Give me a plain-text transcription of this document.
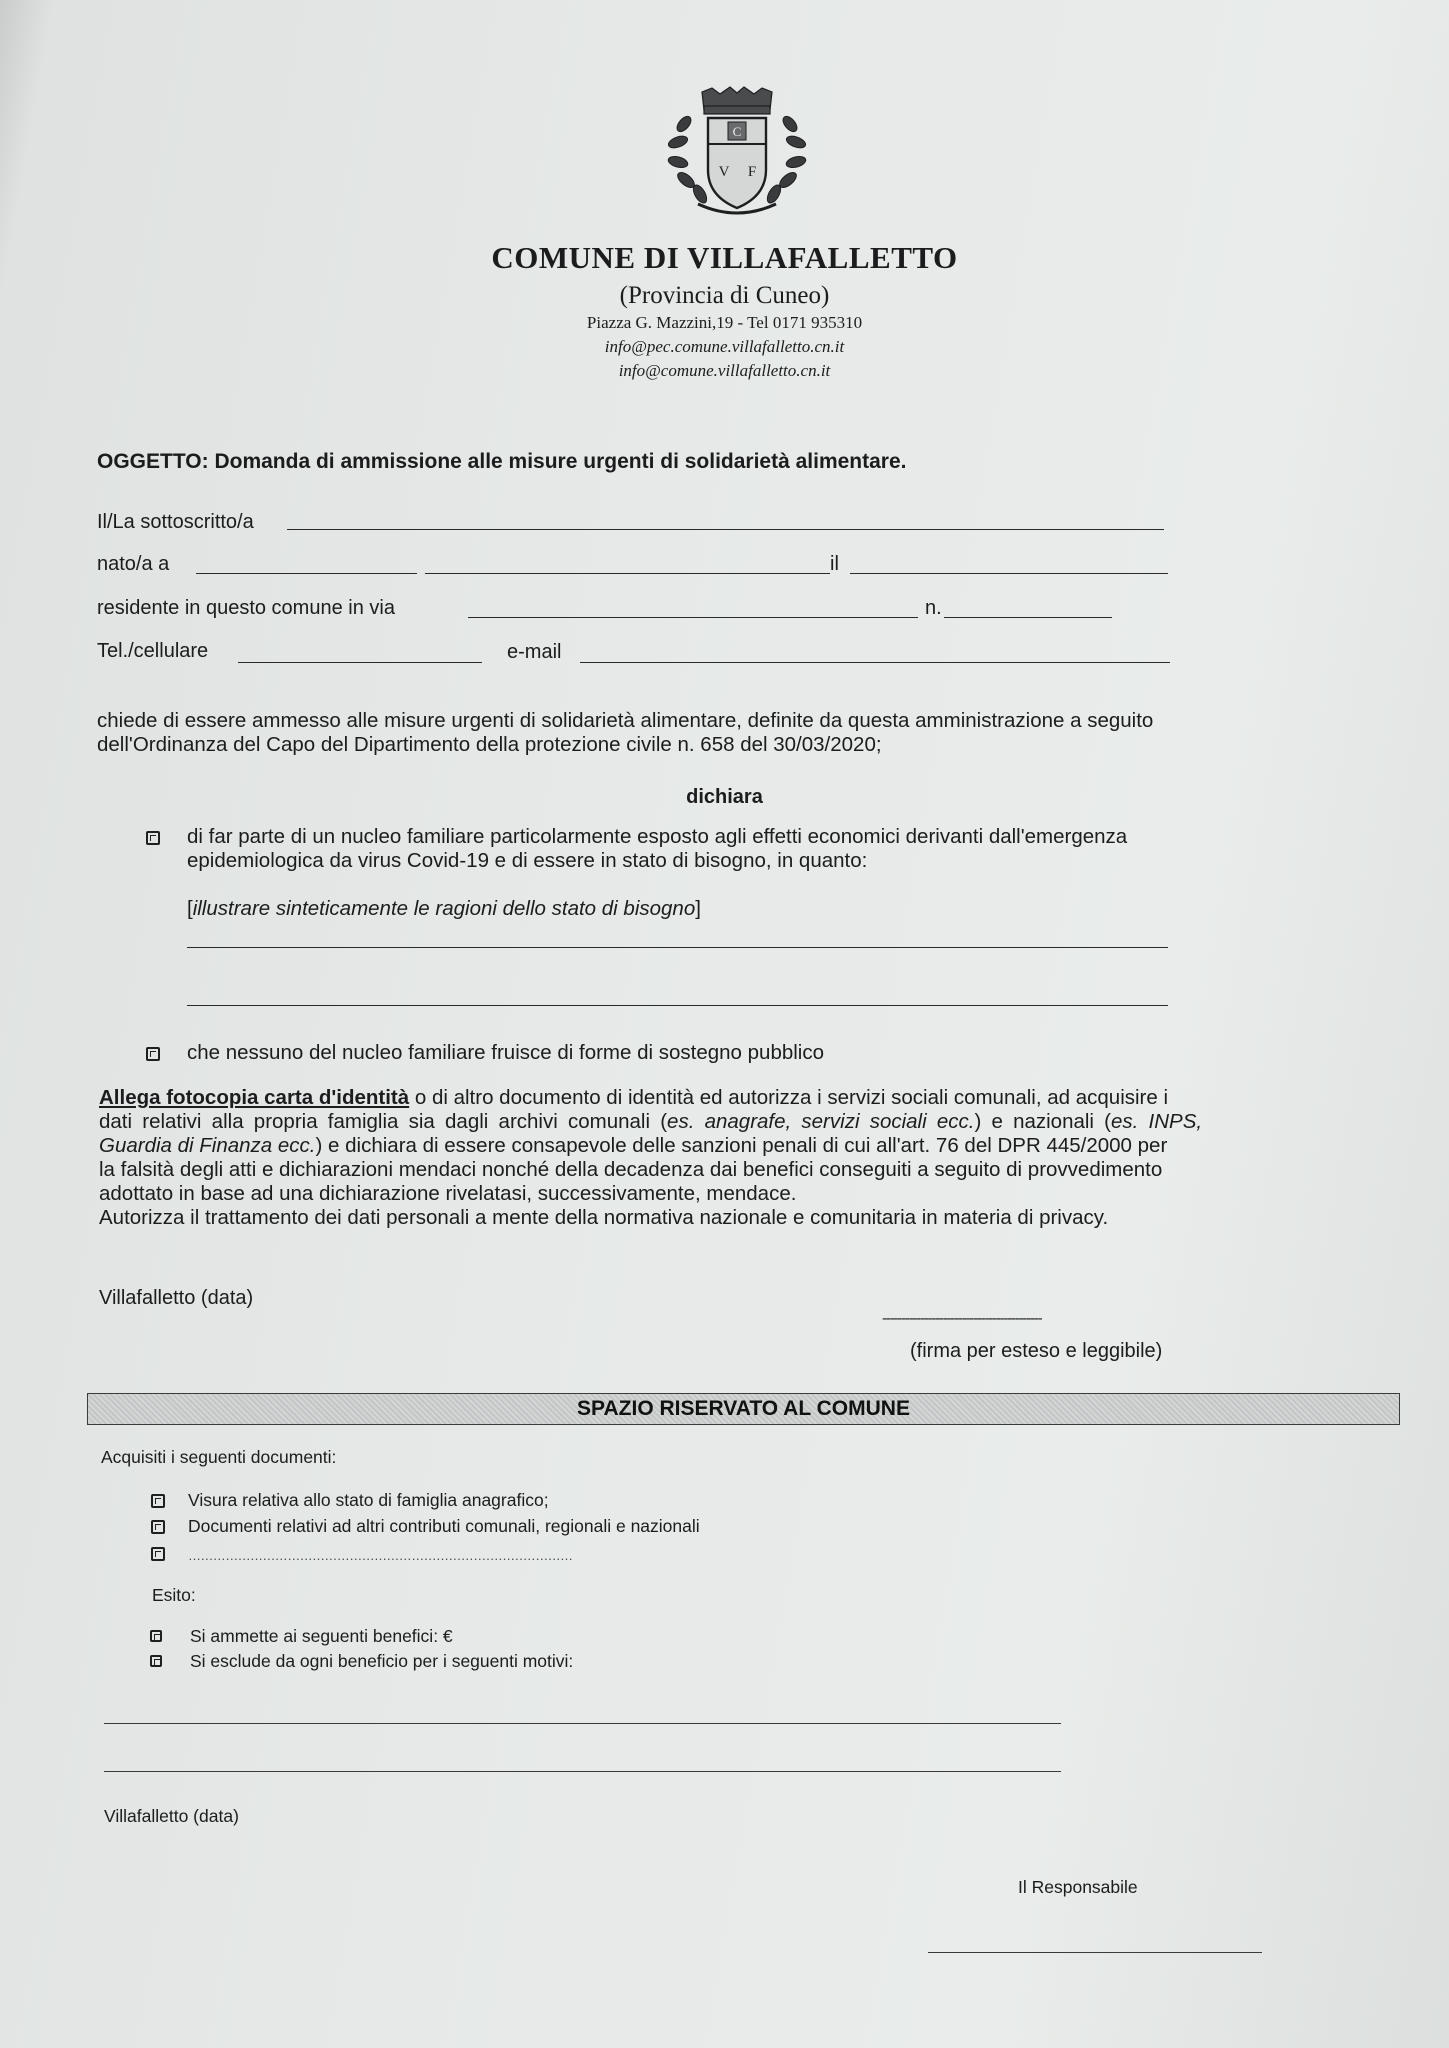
C
V F
COMUNE DI VILLAFALLETTO
(Provincia di Cuneo)
Piazza G. Mazzini,19 - Tel 0171 935310
info@pec.comune.villafalletto.cn.it
info@comune.villafalletto.cn.it
OGGETTO: Domanda di ammissione alle misure urgenti di solidarietà alimentare.
Il/La sottoscritto/a
nato/a a	il
residente in questo comune in via	n.
Tel./cellulare	e-mail
chiede di essere ammesso alle misure urgenti di solidarietà alimentare, definite da questa amministrazione a seguito
dell'Ordinanza del Capo del Dipartimento della protezione civile n. 658 del 30/03/2020;
dichiara
di far parte di un nucleo familiare particolarmente esposto agli effetti economici derivanti dall'emergenza
epidemiologica da virus Covid-19 e di essere in stato di bisogno, in quanto:
[illustrare sinteticamente le ragioni dello stato di bisogno]
che nessuno del nucleo familiare fruisce di forme di sostegno pubblico
Allega fotocopia carta d'identità o di altro documento di identità ed autorizza i servizi sociali comunali, ad acquisire i
dati relativi alla propria famiglia sia dagli archivi comunali (es. anagrafe, servizi sociali ecc.) e nazionali (es. INPS,
Guardia di Finanza ecc.) e dichiara di essere consapevole delle sanzioni penali di cui all'art. 76 del DPR 445/2000 per
la falsità degli atti e dichiarazioni mendaci nonché della decadenza dai benefici conseguiti a seguito di provvedimento
adottato in base ad una dichiarazione rivelatasi, successivamente, mendace.
Autorizza il trattamento dei dati personali a mente della normativa nazionale e comunitaria in materia di privacy.
Villafalletto (data)
------------------------------------------
(firma per esteso e leggibile)
SPAZIO RISERVATO AL COMUNE
Acquisiti i seguenti documenti:
Visura relativa allo stato di famiglia anagrafico;
Documenti relativi ad altri contributi comunali, regionali e nazionali
…………………………………………………………………………………
Esito:
Si ammette ai seguenti benefici: €
Si esclude da ogni beneficio per i seguenti motivi:
Villafalletto (data)
Il Responsabile
